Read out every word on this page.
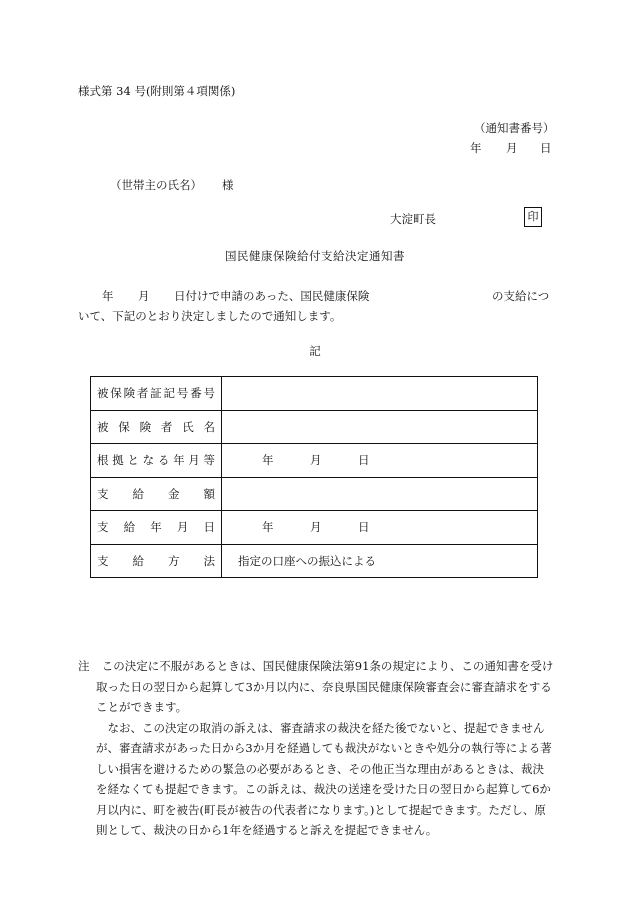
様式第 34 号(附則第４項関係)
（通知書番号）
年 月 日
（世帯主の氏名） 様
大淀町長	印
国民健康保険給付支給決定通知書
年 月 日付けで申請のあった、国民健康保険	の支給につ
いて、下記のとおり決定しましたので通知します。
記
被保険者証記号番号	
被保険者氏名	
根拠となる年月等	年 月 日

支給金額	
支給年月日	年 月 日

支給方法	指定の口座への振込による
注	この決定に不服があるときは、国民健康保険法第91条の規定により、この通知書を受け取った日の翌日から起算して3か月以内に、奈良県国民健康保険審査会に審査請求をすることができます。

なお、この決定の取消の訴えは、審査請求の裁決を経た後でないと、提起できませんが、審査請求があった日から3か月を経過しても裁決がないときや処分の執行等による著しい損害を避けるための緊急の必要があるとき、その他正当な理由があるときは、裁決を経なくても提起できます。この訴えは、裁決の送達を受けた日の翌日から起算して6か月以内に、町を被告(町長が被告の代表者になります。)として提起できます。ただし、原則として、裁決の日から1年を経過すると訴えを提起できません。
